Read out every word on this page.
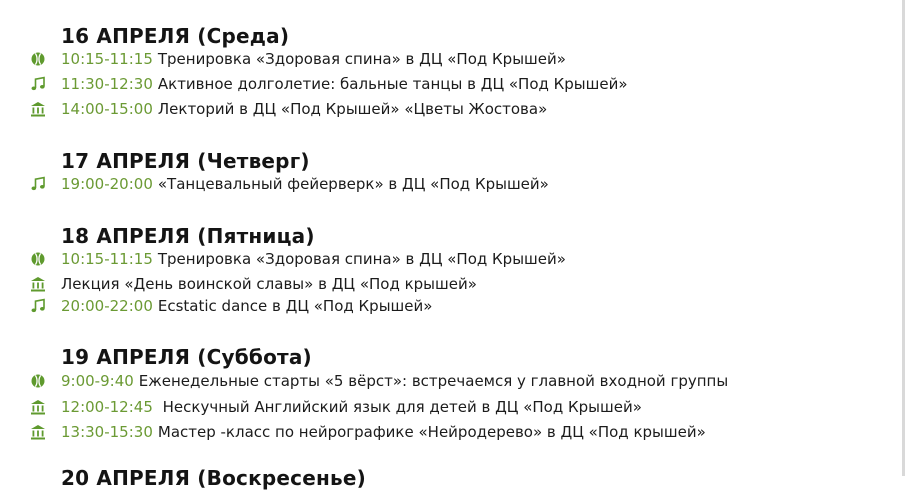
16 АПРЕЛЯ (Среда)
10:15-11:15 Тренировка «Здоровая спина» в ДЦ «Под Крышей»
11:30-12:30 Активное долголетие: бальные танцы в ДЦ «Под Крышей»
14:00-15:00 Лекторий в ДЦ «Под Крышей» «Цветы Жостова»
17 АПРЕЛЯ (Четверг)
19:00-20:00 «Танцевальный фейерверк» в ДЦ «Под Крышей»
18 АПРЕЛЯ (Пятница)
10:15-11:15 Тренировка «Здоровая спина» в ДЦ «Под Крышей»
Лекция «День воинской славы» в ДЦ «Под крышей»
20:00-22:00 Ecstatic dance в ДЦ «Под Крышей»
19 АПРЕЛЯ (Суббота)
9:00-9:40 Еженедельные старты «5 вёрст»: встречаемся у главной входной группы
12:00-12:45 Нескучный Английский язык для детей в ДЦ «Под Крышей»
13:30-15:30 Мастер -класс по нейрографике «Нейродерево» в ДЦ «Под крышей»
20 АПРЕЛЯ (Воскресенье)
